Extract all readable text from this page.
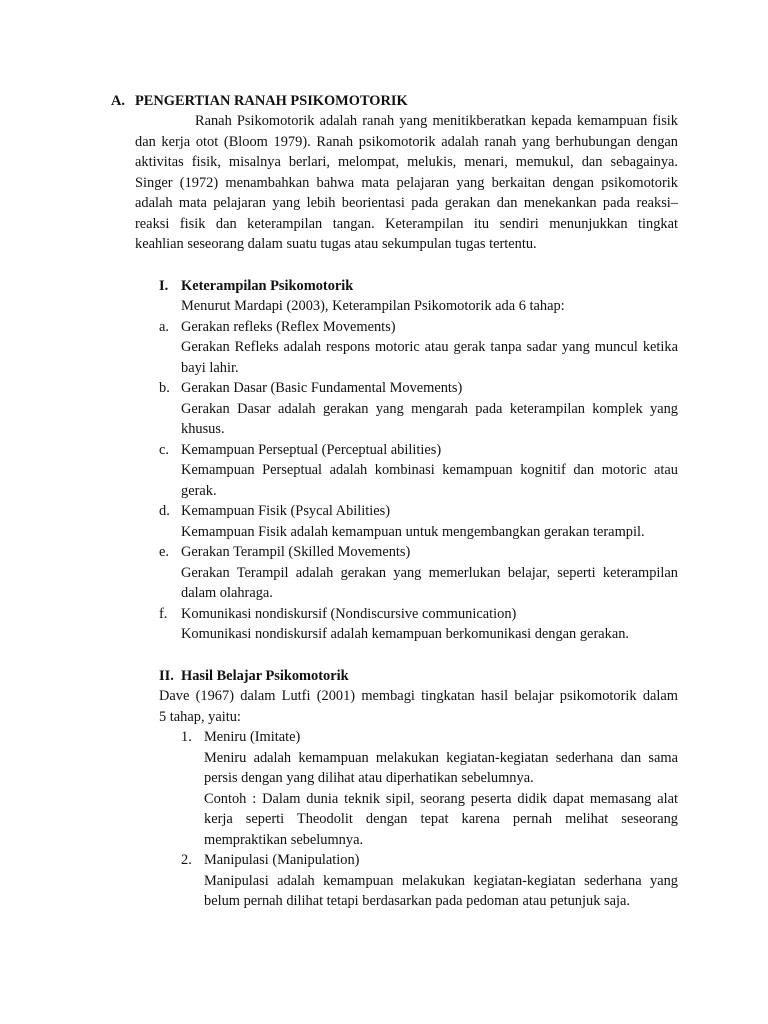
A. PENGERTIAN RANAH PSIKOMOTORIK
Ranah Psikomotorik adalah ranah yang menitikberatkan kepada kemampuan fisik
dan kerja otot (Bloom 1979). Ranah psikomotorik adalah ranah yang berhubungan dengan
aktivitas fisik, misalnya berlari, melompat, melukis, menari, memukul, dan sebagainya.
Singer (1972) menambahkan bahwa mata pelajaran yang berkaitan dengan psikomotorik
adalah mata pelajaran yang lebih beorientasi pada gerakan dan menekankan pada reaksi–
reaksi fisik dan keterampilan tangan. Keterampilan itu sendiri menunjukkan tingkat
keahlian seseorang dalam suatu tugas atau sekumpulan tugas tertentu.
I. Keterampilan Psikomotorik
Menurut Mardapi (2003), Keterampilan Psikomotorik ada 6 tahap:
a. Gerakan refleks (Reflex Movements)
Gerakan Refleks adalah respons motoric atau gerak tanpa sadar yang muncul ketika
bayi lahir.
b. Gerakan Dasar (Basic Fundamental Movements)
Gerakan Dasar adalah gerakan yang mengarah pada keterampilan komplek yang
khusus.
c. Kemampuan Perseptual (Perceptual abilities)
Kemampuan Perseptual adalah kombinasi kemampuan kognitif dan motoric atau
gerak.
d. Kemampuan Fisik (Psycal Abilities)
Kemampuan Fisik adalah kemampuan untuk mengembangkan gerakan terampil.
e. Gerakan Terampil (Skilled Movements)
Gerakan Terampil adalah gerakan yang memerlukan belajar, seperti keterampilan
dalam olahraga.
f. Komunikasi nondiskursif (Nondiscursive communication)
Komunikasi nondiskursif adalah kemampuan berkomunikasi dengan gerakan.
II. Hasil Belajar Psikomotorik
Dave (1967) dalam Lutfi (2001) membagi tingkatan hasil belajar psikomotorik dalam
5 tahap, yaitu:
1. Meniru (Imitate)
Meniru adalah kemampuan melakukan kegiatan-kegiatan sederhana dan sama
persis dengan yang dilihat atau diperhatikan sebelumnya.
Contoh : Dalam dunia teknik sipil, seorang peserta didik dapat memasang alat
kerja seperti Theodolit dengan tepat karena pernah melihat seseorang
mempraktikan sebelumnya.
2. Manipulasi (Manipulation)
Manipulasi adalah kemampuan melakukan kegiatan-kegiatan sederhana yang
belum pernah dilihat tetapi berdasarkan pada pedoman atau petunjuk saja.
